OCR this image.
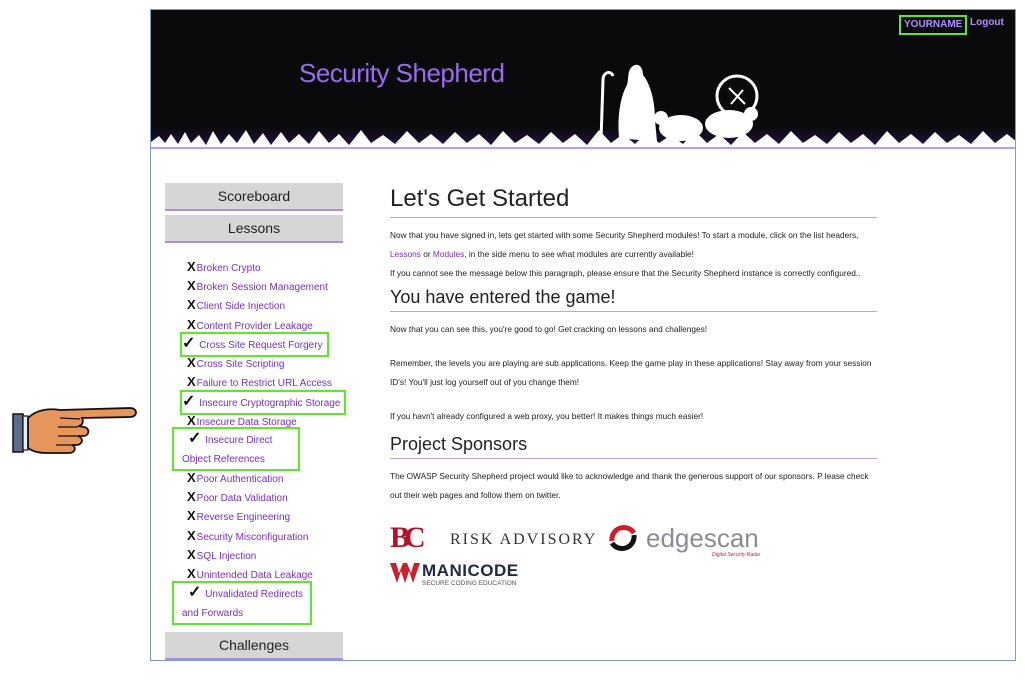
Security Shepherd
YOURNAME Logout
Scoreboard
Lessons
XBroken Crypto
XBroken Session Management
XClient Side Injection
XContent Provider Leakage
✓ Cross Site Request Forgery
XCross Site Scripting
XFailure to Restrict URL Access
✓ Insecure Cryptographic Storage
XInsecure Data Storage
✓ Insecure Direct Object References
XPoor Authentication
XPoor Data Validation
XReverse Engineering
XSecurity Misconfiguration
XSQL Injection
XUnintended Data Leakage
✓ Unvalidated Redirects and Forwards
Challenges
Let's Get Started

Now that you have signed in, lets get started with some Security Shepherd modules! To start a module, click on the list headers, Lessons or Modules, in the side menu to see what modules are currently available!

If you cannot see the message below this paragraph, please ensure that the Security Shepherd instance is correctly configured..

You have entered the game!

Now that you can see this, you're good to go! Get cracking on lessons and challenges!

Remember, the levels you are playing are sub applications. Keep the game play in these applications! Stay away from your session ID's! You'll just log yourself out of you change them!

If you havn't already configured a web proxy, you better! It makes things much easier!

Project Sponsors

The OWASP Security Shepherd project would like to acknowledge and thank the generous support of our sponsors. P lease check out their web pages and follow them on twitter.

BC RISK ADVISORY edgescan
Digital Security Radar
MANICODE
SECURE CODING EDUCATION
